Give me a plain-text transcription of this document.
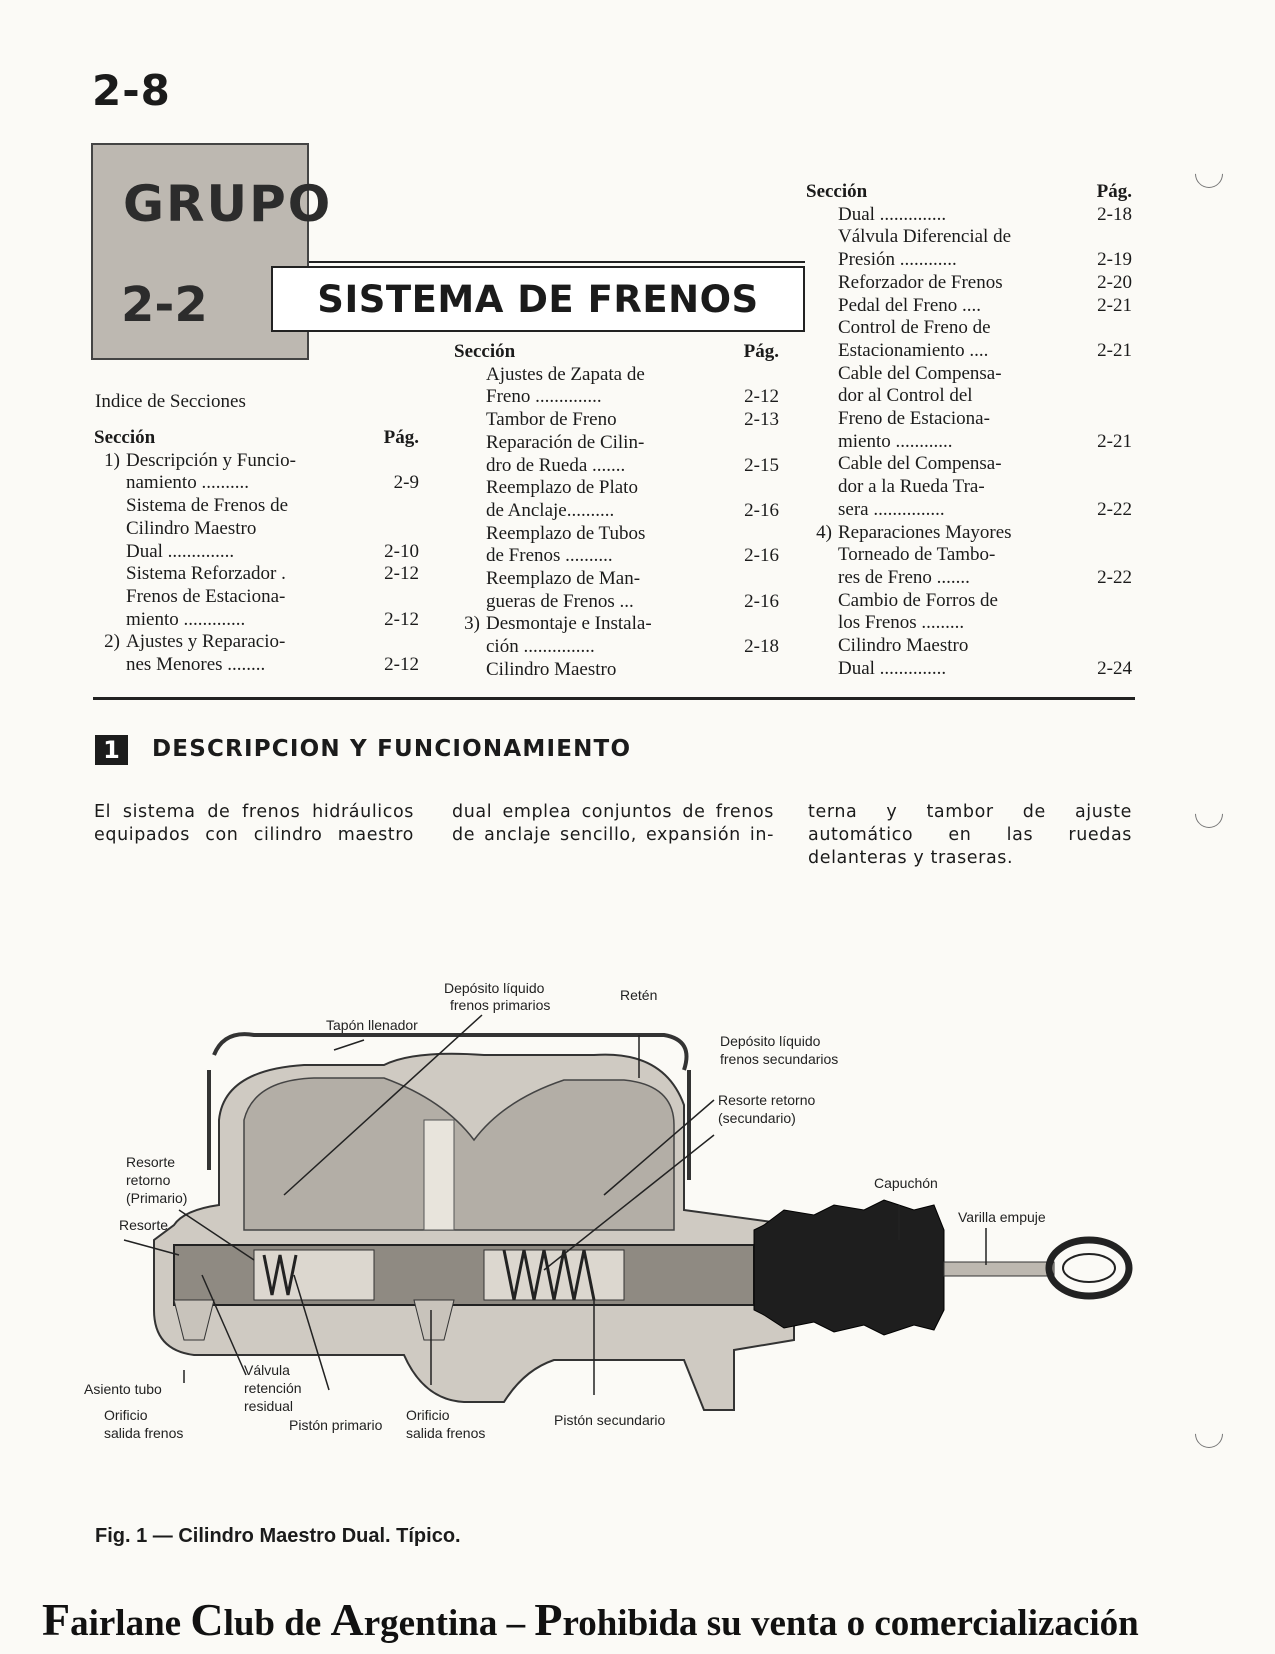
2-8
GRUPO
2-2	SISTEMA DE FRENOS
Indice de Secciones
Sección	Pág.
1) Descripción y Funcio-
namiento ..........	2-9
Sistema de Frenos de
Cilindro Maestro
Dual ..............	2-10
Sistema Reforzador .	2-12
Frenos de Estaciona-
miento .............	2-12
2) Ajustes y Reparacio-
nes Menores ........	2-12
Sección	Pág.
Ajustes de Zapata de
Freno ..............	2-12
Tambor de Freno	2-13
Reparación de Cilin-
dro de Rueda .......	2-15
Reemplazo de Plato
de Anclaje..........	2-16
Reemplazo de Tubos
de Frenos ..........	2-16
Reemplazo de Man-
gueras de Frenos ...	2-16
3) Desmontaje e Instala-
ción ...............	2-18
Cilindro Maestro
Sección	Pág.
Dual ..............	2-18
Válvula Diferencial de
Presión ............	2-19
Reforzador de Frenos	2-20
Pedal del Freno ....	2-21
Control de Freno de
Estacionamiento ....	2-21
Cable del Compensa-
dor al Control del
Freno de Estaciona-
miento ............	2-21
Cable del Compensa-
dor a la Rueda Tra-
sera ...............	2-22
4) Reparaciones Mayores
Torneado de Tambo-
res de Freno .......	2-22
Cambio de Forros de
los Frenos .........
Cilindro Maestro
Dual ..............	2-24
1	DESCRIPCION Y FUNCIONAMIENTO
El sistema de frenos hidráulicos equipados con cilindro maestro
dual emplea conjuntos de frenos de anclaje sencillo, expansión in-
terna y tambor de ajuste automático en las ruedas delanteras y traseras.
Depósito líquido
frenos primarios
Tapón llenador
Retén
Depósito líquido
frenos secundarios
Resorte retorno
(secundario)
Resorte
retorno
(Primario)
Resorte
Capuchón
Varilla empuje
Asiento tubo
Orificio
salida frenos
Válvula
retención
residual
Pistón primario
Orificio
salida frenos
Pistón secundario
Fig. 1 — Cilindro Maestro Dual. Típico.
Fairlane Club de Argentina – Prohibida su venta o comercialización
